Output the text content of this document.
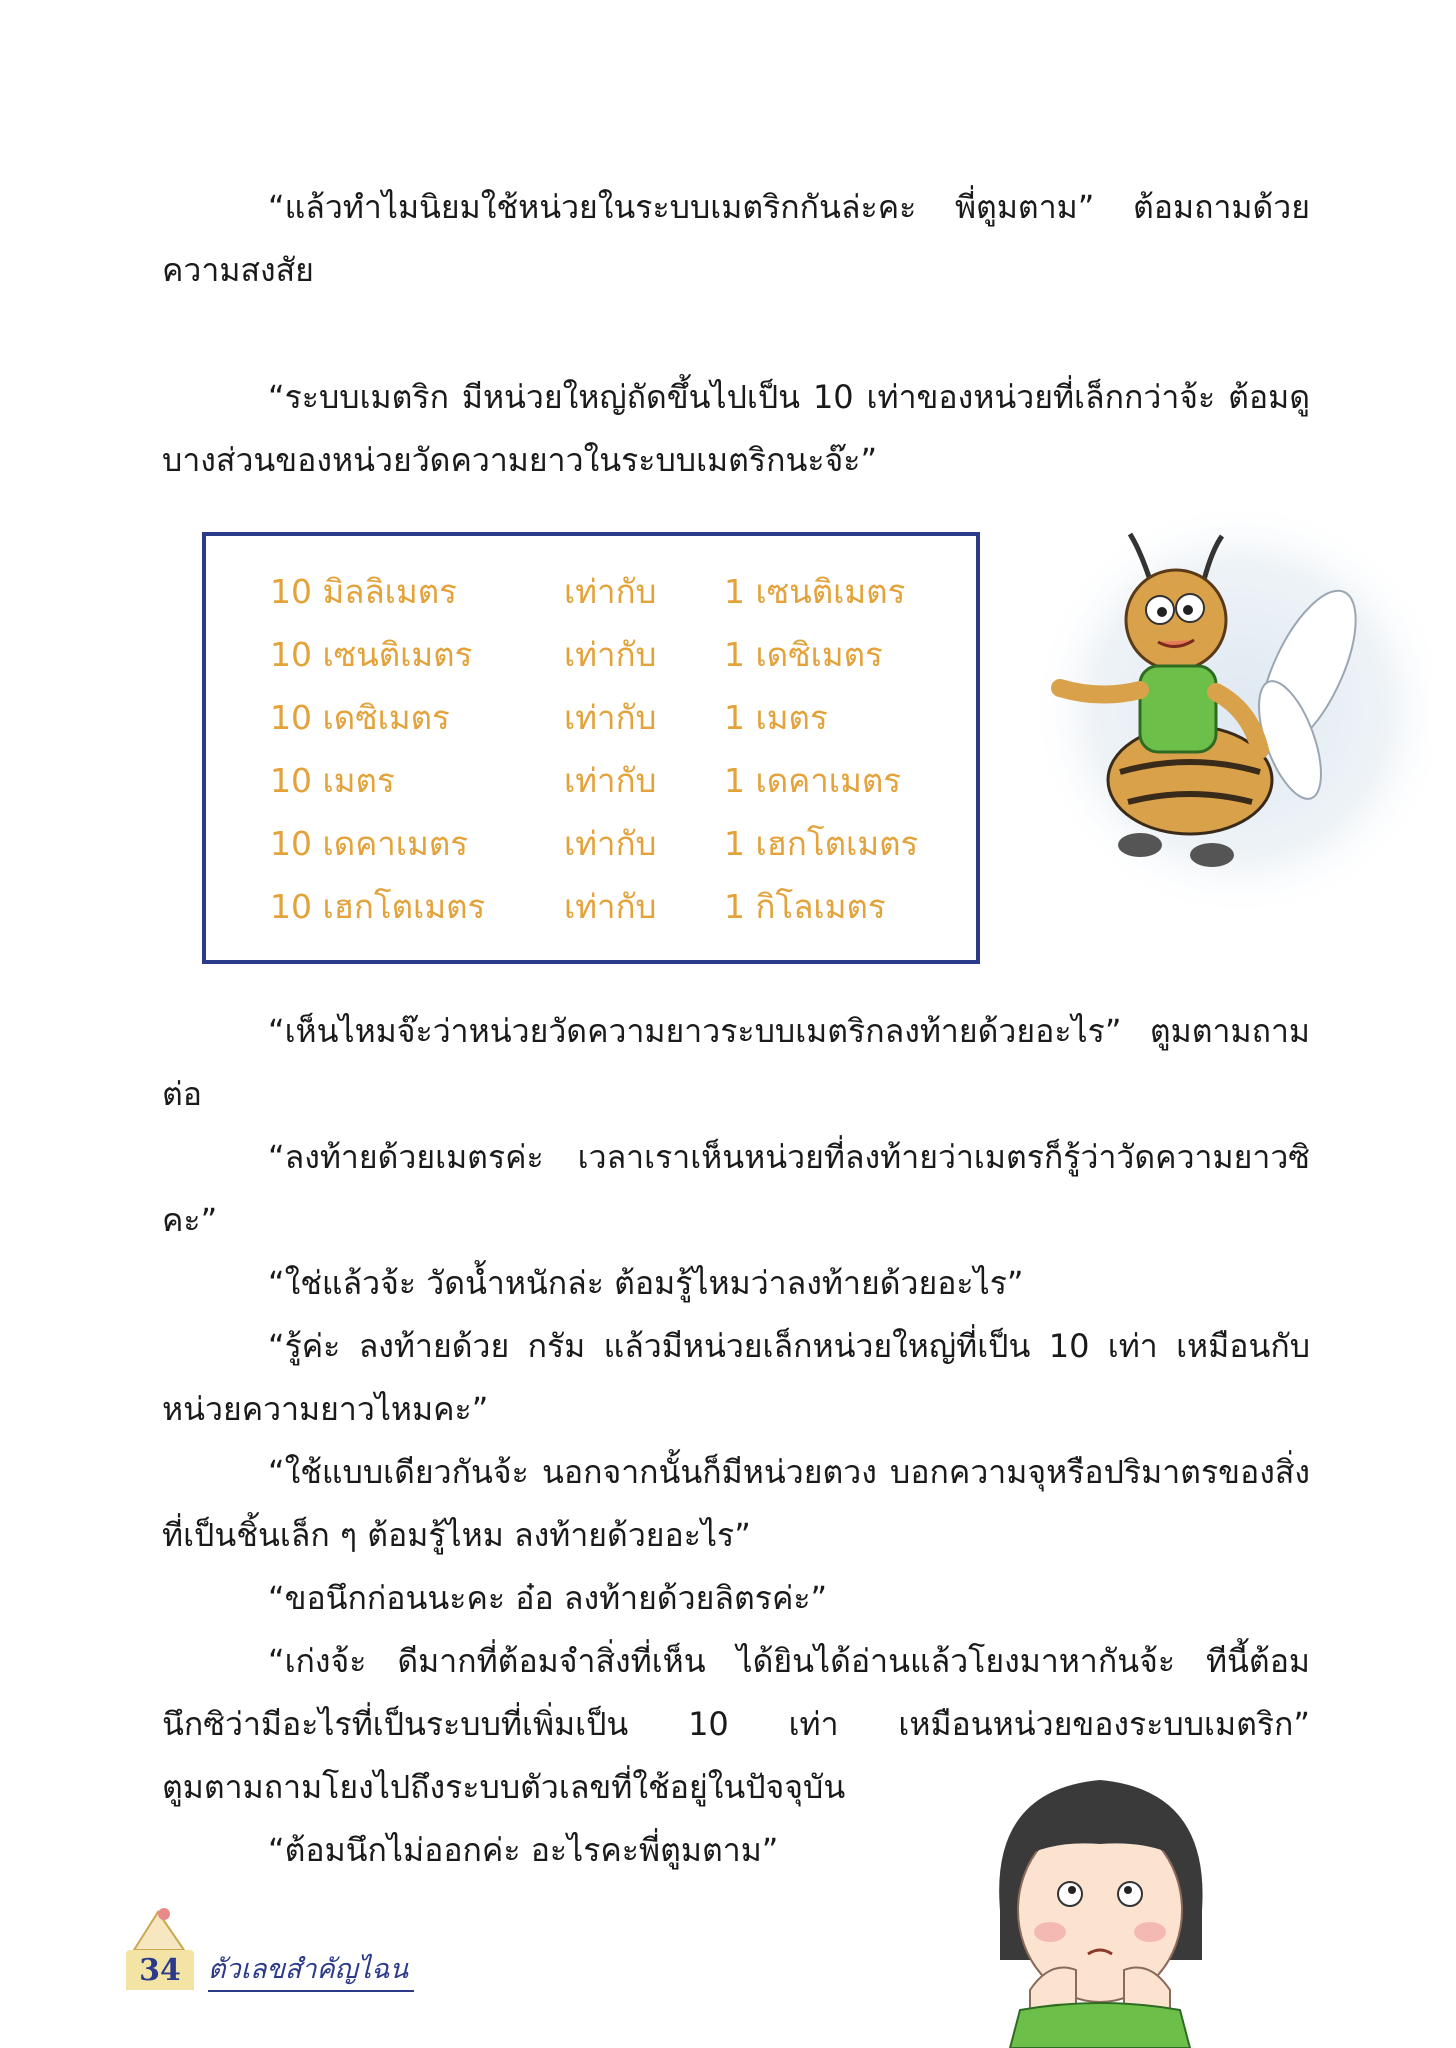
“แล้วทำไมนิยมใช้หน่วยในระบบเมตริกกันล่ะคะ พี่ตูมตาม” ต้อมถามด้วยความสงสัย

“ระบบเมตริก มีหน่วยใหญ่ถัดขึ้นไปเป็น 10 เท่าของหน่วยที่เล็กกว่าจ้ะ ต้อมดูบางส่วนของหน่วยวัดความยาวในระบบเมตริกนะจ๊ะ”

10 มิลลิเมตร	เท่ากับ 1 เซนติเมตร
10 เซนติเมตร	เท่ากับ 1 เดซิเมตร
10 เดซิเมตร	เท่ากับ 1 เมตร
10 เมตร	เท่ากับ 1 เดคาเมตร
10 เดคาเมตร	เท่ากับ 1 เฮกโตเมตร
10 เฮกโตเมตร เท่ากับ 1 กิโลเมตร

“เห็นไหมจ๊ะว่าหน่วยวัดความยาวระบบเมตริกลงท้ายด้วยอะไร” ตูมตามถามต่อ

“ลงท้ายด้วยเมตรค่ะ เวลาเราเห็นหน่วยที่ลงท้ายว่าเมตรก็รู้ว่าวัดความยาวซิคะ”

“ใช่แล้วจ้ะ วัดน้ำหนักล่ะ ต้อมรู้ไหมว่าลงท้ายด้วยอะไร”

“รู้ค่ะ ลงท้ายด้วย กรัม แล้วมีหน่วยเล็กหน่วยใหญ่ที่เป็น 10 เท่า เหมือนกับหน่วยความยาวไหมคะ”

“ใช้แบบเดียวกันจ้ะ นอกจากนั้นก็มีหน่วยตวง บอกความจุหรือปริมาตรของสิ่งที่เป็นชิ้นเล็ก ๆ ต้อมรู้ไหม ลงท้ายด้วยอะไร”

“ขอนึกก่อนนะคะ อ๋อ ลงท้ายด้วยลิตรค่ะ”

“เก่งจ้ะ ดีมากที่ต้อมจำสิ่งที่เห็น ได้ยินได้อ่านแล้วโยงมาหากันจ้ะ ทีนี้ต้อม

นึกซิว่ามีอะไรที่เป็นระบบที่เพิ่มเป็น 10 เท่า เหมือนหน่วยของระบบเมตริก”

ตูมตามถามโยงไปถึงระบบตัวเลขที่ใช้อยู่ในปัจจุบัน

“ต้อมนึกไม่ออกค่ะ อะไรคะพี่ตูมตาม”

34	ตัวเลขสำคัญไฉน
